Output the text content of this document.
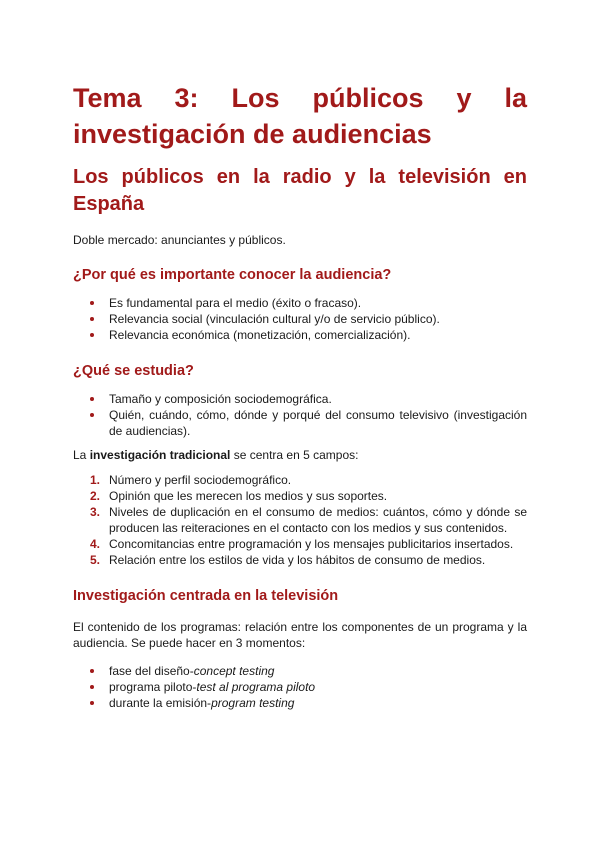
Tema 3: Los públicos y la investigación de audiencias
Los públicos en la radio y la televisión en España

Doble mercado: anunciantes y públicos.

¿Por qué es importante conocer la audiencia?
Es fundamental para el medio (éxito o fracaso).
Relevancia social (vinculación cultural y/o de servicio público).
Relevancia económica (monetización, comercialización).
¿Qué se estudia?
Tamaño y composición sociodemográfica.
Quién, cuándo, cómo, dónde y porqué del consumo televisivo (investigación de audiencias).

La investigación tradicional se centra en 5 campos:

1. Número y perfil sociodemográfico.
2. Opinión que les merecen los medios y sus soportes.
3. Niveles de duplicación en el consumo de medios: cuántos, cómo y dónde se producen las reiteraciones en el contacto con los medios y sus contenidos.
4. Concomitancias entre programación y los mensajes publicitarios insertados.
5. Relación entre los estilos de vida y los hábitos de consumo de medios.
Investigación centrada en la televisión

El contenido de los programas: relación entre los componentes de un programa y la audiencia. Se puede hacer en 3 momentos:

fase del diseño-concept testing
programa piloto-test al programa piloto
durante la emisión-program testing
